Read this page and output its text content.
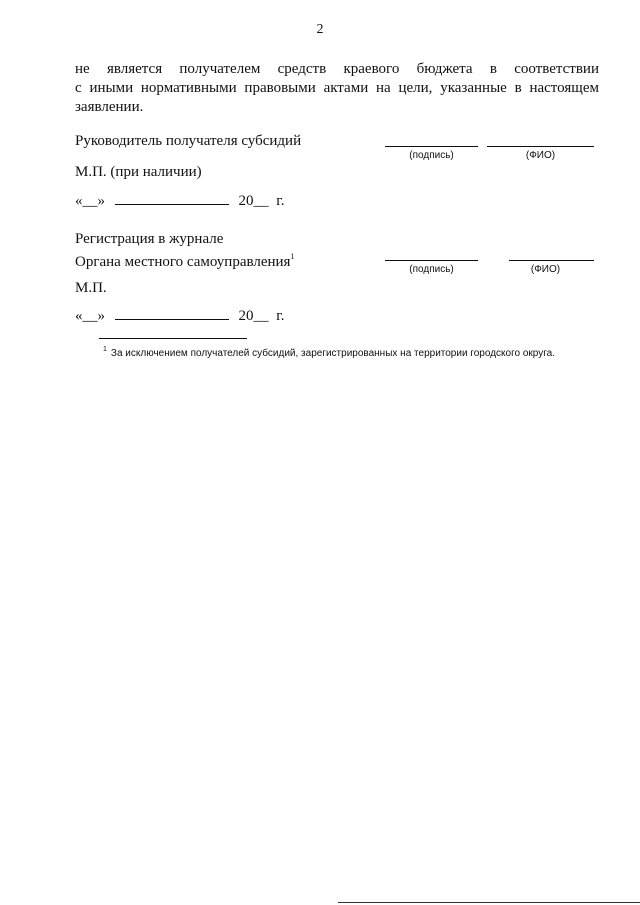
2
не является получателем средств краевого бюджета в соответствии
с иными нормативными правовыми актами на цели, указанные в настоящем
заявлении.
Руководитель получателя субсидий
(подпись)	(ФИО)
М.П. (при наличии)
«__»	20__ г.
Регистрация в журнале
Органа местного самоуправления$^1$
(подпись)	(ФИО)
М.П.
«__»	20__ г.
$^1$ За исключением получателей субсидий, зарегистрированных на территории городского округа.
